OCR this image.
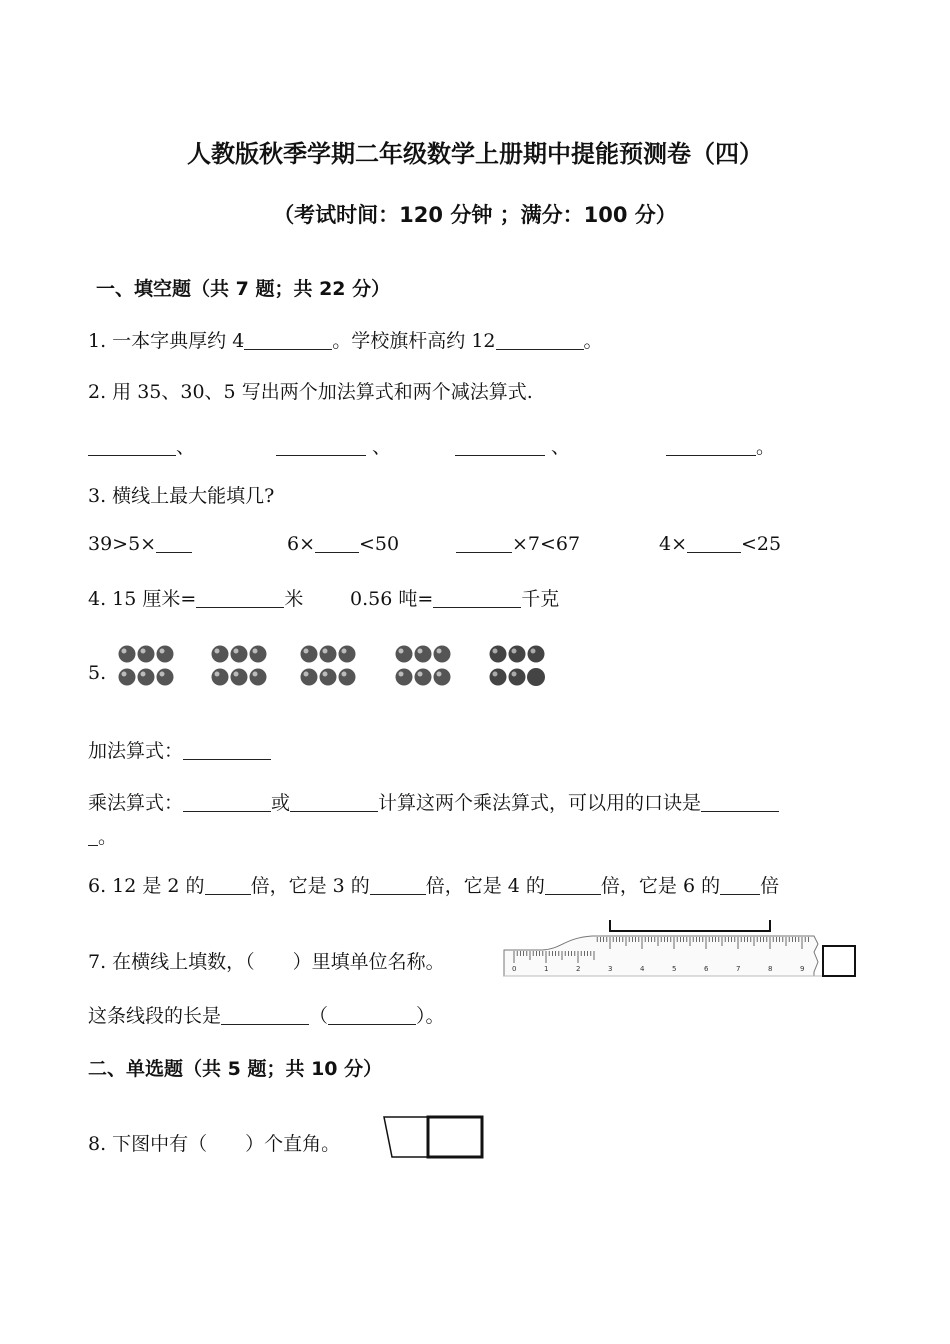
人教版秋季学期二年级数学上册期中提能预测卷（四）
（考试时间：120 分钟 ；满分：100 分）
一、填空题（共 7 题；共 22 分）
1. 一本字典厚约 4	。学校旗杆高约 12	。
2. 用 35、30、5 写出两个加法算式和两个减法算式.
、	、	、	。
3. 横线上最大能填几?
39>5×	6× <50	×7<67	4×	<25
4. 15 厘米=	米 0.56 吨=	千克
5.
加法算式：
乘法算式：	或	计算这两个乘法算式，可以用的口诀是
。
6. 12 是 2 的 倍，它是 3 的	倍，它是 4 的	倍，它是 6 的 倍
7. 在横线上填数，（　　）里填单位名称。	0	1	2	3	4	5	6	7	8	9
这条线段的长是	（	）。
二、单选题（共 5 题；共 10 分）
8. 下图中有（　　）个直角。
